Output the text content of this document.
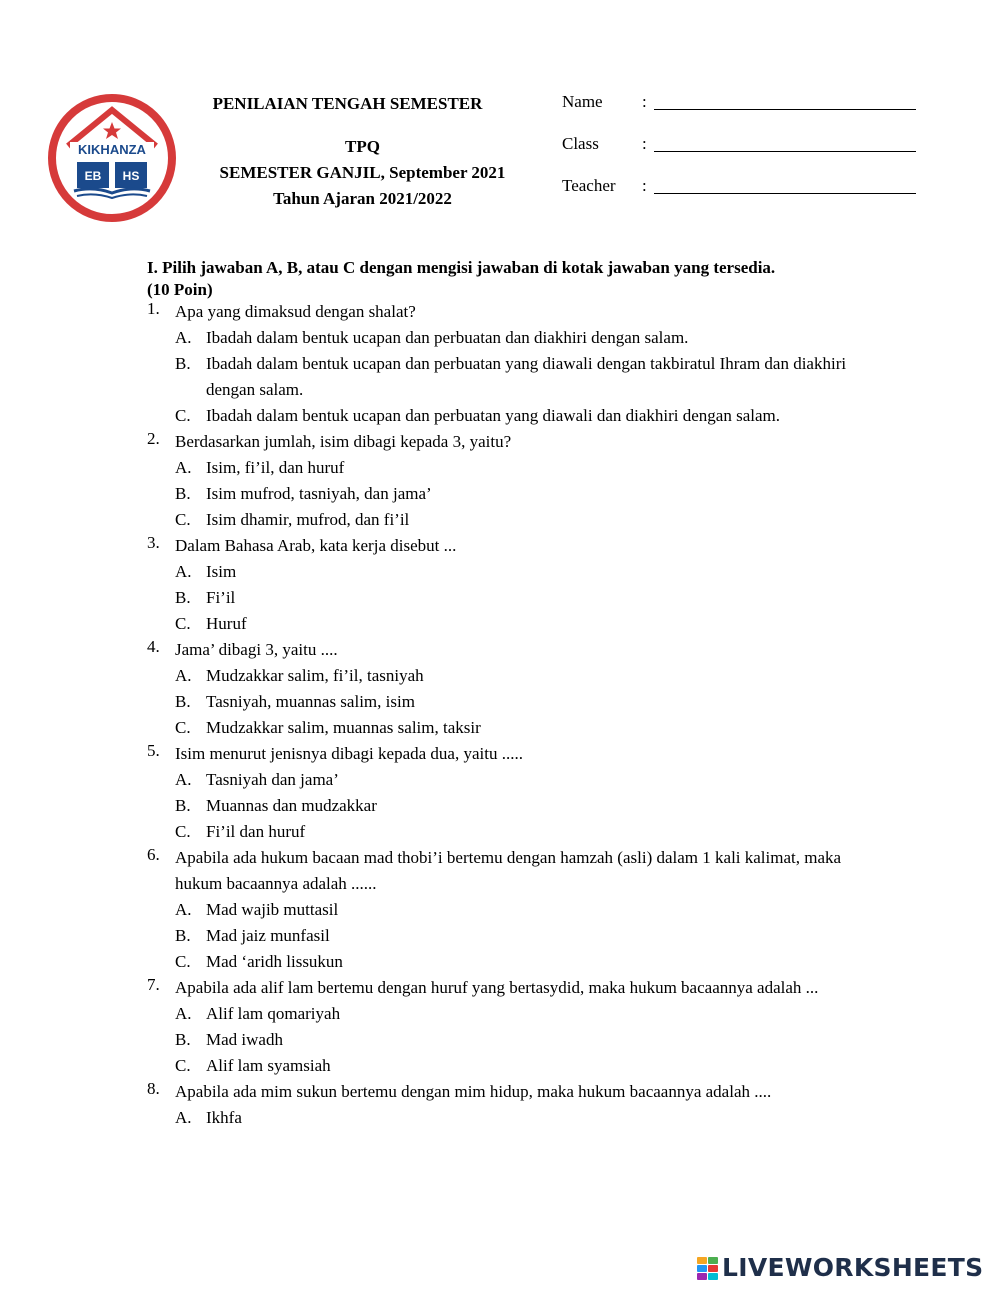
KIKHANZA
EB HS
PENILAIAN TENGAH SEMESTER
TPQ
SEMESTER GANJIL, September 2021
Tahun Ajaran 2021/2022
Name :
Class	:
Teacher :
I. Pilih jawaban A, B, atau C dengan mengisi jawaban di kotak jawaban yang tersedia.
(10 Poin)
1. Apa yang dimaksud dengan shalat?
A. Ibadah dalam bentuk ucapan dan perbuatan dan diakhiri dengan salam.
B. Ibadah dalam bentuk ucapan dan perbuatan yang diawali dengan takbiratul Ihram dan diakhiri dengan salam.
C. Ibadah dalam bentuk ucapan dan perbuatan yang diawali dan diakhiri dengan salam.
2. Berdasarkan jumlah, isim dibagi kepada 3, yaitu?
A. Isim, fi’il, dan huruf
B. Isim mufrod, tasniyah, dan jama’
C. Isim dhamir, mufrod, dan fi’il
3. Dalam Bahasa Arab, kata kerja disebut ...
A. Isim
B. Fi’il
C. Huruf
4. Jama’ dibagi 3, yaitu ....
A. Mudzakkar salim, fi’il, tasniyah
B. Tasniyah, muannas salim, isim
C. Mudzakkar salim, muannas salim, taksir
5. Isim menurut jenisnya dibagi kepada dua, yaitu .....
A. Tasniyah dan jama’
B. Muannas dan mudzakkar
C. Fi’il dan huruf
6. Apabila ada hukum bacaan mad thobi’i bertemu dengan hamzah (asli) dalam 1 kali kalimat, maka hukum bacaannya adalah ......
A. Mad wajib muttasil
B. Mad jaiz munfasil
C. Mad ‘aridh lissukun
7. Apabila ada alif lam bertemu dengan huruf yang bertasydid, maka hukum bacaannya adalah ...
A. Alif lam qomariyah
B. Mad iwadh
C. Alif lam syamsiah
8. Apabila ada mim sukun bertemu dengan mim hidup, maka hukum bacaannya adalah ....
A. Ikhfa
LIVEWORKSHEETS
